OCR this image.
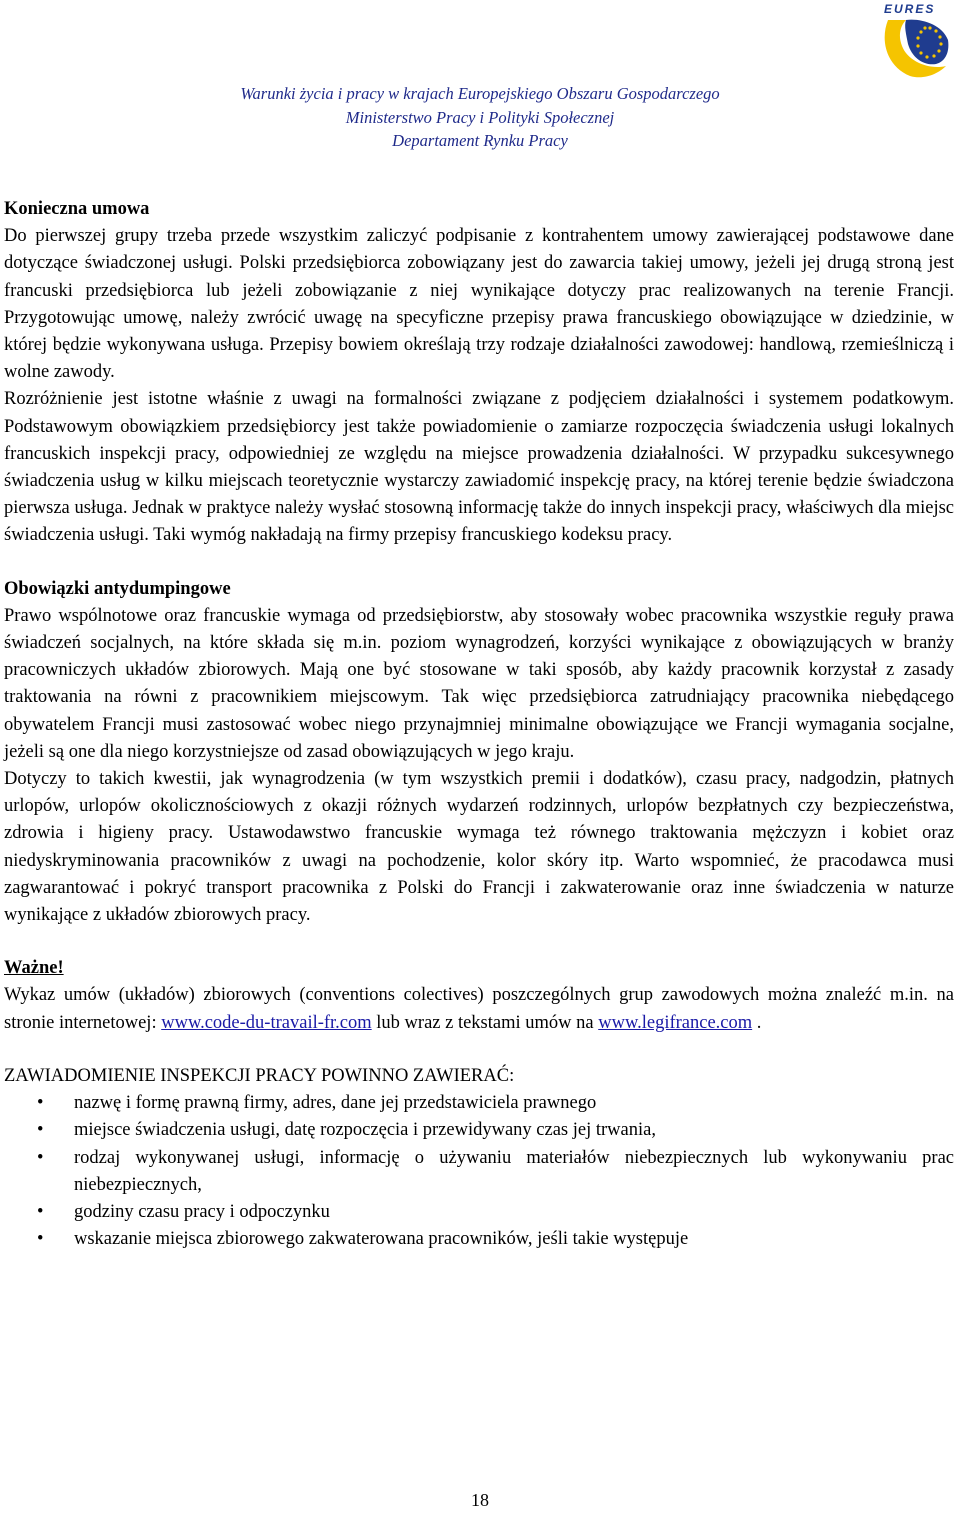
EURES
Warunki życia i pracy w krajach Europejskiego Obszaru Gospodarczego
Ministerstwo Pracy i Polityki Społecznej
Departament Rynku Pracy
Konieczna umowa

Do pierwszej grupy trzeba przede wszystkim zaliczyć podpisanie z kontrahentem umowy zawierającej podstawowe dane dotyczące świadczonej usługi. Polski przedsiębiorca zobowiązany jest do zawarcia takiej umowy, jeżeli jej drugą stroną jest francuski przedsiębiorca lub jeżeli zobowiązanie z niej wynikające dotyczy prac realizowanych na terenie Francji. Przygotowując umowę, należy zwrócić uwagę na specyficzne przepisy prawa francuskiego obowiązujące w dziedzinie, w której będzie wykonywana usługa. Przepisy bowiem określają trzy rodzaje działalności zawodowej: handlową, rzemieślniczą i wolne zawody.

Rozróżnienie jest istotne właśnie z uwagi na formalności związane z podjęciem działalności i systemem podatkowym. Podstawowym obowiązkiem przedsiębiorcy jest także powiadomienie o zamiarze rozpoczęcia świadczenia usługi lokalnych francuskich inspekcji pracy, odpowiedniej ze względu na miejsce prowadzenia działalności. W przypadku sukcesywnego świadczenia usług w kilku miejscach teoretycznie wystarczy zawiadomić inspekcję pracy, na której terenie będzie świadczona pierwsza usługa. Jednak w praktyce należy wysłać stosowną informację także do innych inspekcji pracy, właściwych dla miejsc świadczenia usługi. Taki wymóg nakładają na firmy przepisy francuskiego kodeksu pracy.

Obowiązki antydumpingowe

Prawo wspólnotowe oraz francuskie wymaga od przedsiębiorstw, aby stosowały wobec pracownika wszystkie reguły prawa świadczeń socjalnych, na które składa się m.in. poziom wynagrodzeń, korzyści wynikające z obowiązujących w branży pracowniczych układów zbiorowych. Mają one być stosowane w taki sposób, aby każdy pracownik korzystał z zasady traktowania na równi z pracownikiem miejscowym. Tak więc przedsiębiorca zatrudniający pracownika niebędącego obywatelem Francji musi zastosować wobec niego przynajmniej minimalne obowiązujące we Francji wymagania socjalne, jeżeli są one dla niego korzystniejsze od zasad obowiązujących w jego kraju.

Dotyczy to takich kwestii, jak wynagrodzenia (w tym wszystkich premii i dodatków), czasu pracy, nadgodzin, płatnych urlopów, urlopów okolicznościowych z okazji różnych wydarzeń rodzinnych, urlopów bezpłatnych czy bezpieczeństwa, zdrowia i higieny pracy. Ustawodawstwo francuskie wymaga też równego traktowania mężczyzn i kobiet oraz niedyskryminowania pracowników z uwagi na pochodzenie, kolor skóry itp. Warto wspomnieć, że pracodawca musi zagwarantować i pokryć transport pracownika z Polski do Francji i zakwaterowanie oraz inne świadczenia w naturze wynikające z układów zbiorowych pracy.

Ważne!

Wykaz umów (układów) zbiorowych (conventions colectives) poszczególnych grup zawodowych można znaleźć m.in. na stronie internetowej: www.code-du-travail-fr.com lub wraz z tekstami umów na www.legifrance.com .

ZAWIADOMIENIE INSPEKCJI PRACY POWINNO ZAWIERAĆ:
• nazwę i formę prawną firmy, adres, dane jej przedstawiciela prawnego
• miejsce świadczenia usługi, datę rozpoczęcia i przewidywany czas jej trwania,
• rodzaj wykonywanej usługi, informację o używaniu materiałów niebezpiecznych lub wykonywaniu prac niebezpiecznych,
• godziny czasu pracy i odpoczynku
• wskazanie miejsca zbiorowego zakwaterowana pracowników, jeśli takie występuje
18
